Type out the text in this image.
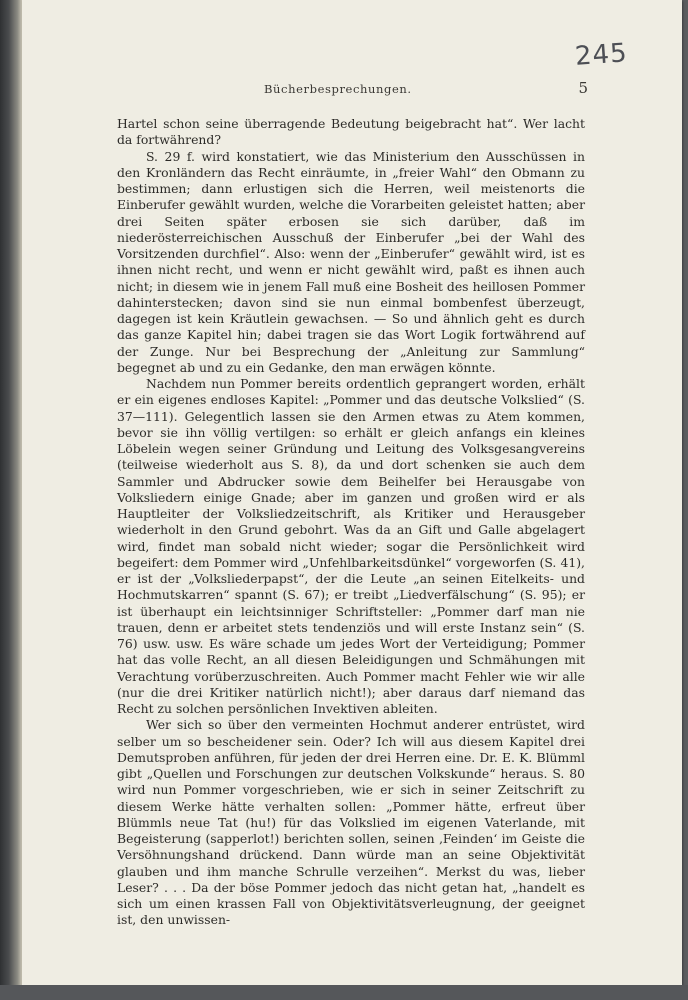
245
Bücherbesprechungen.	5

Hartel schon seine überragende Bedeutung beigebracht hat“. Wer lacht da fortwährend?

S. 29 f. wird konstatiert, wie das Ministerium den Ausschüssen in den Kronländern das Recht einräumte, in „freier Wahl“ den Obmann zu bestimmen; dann erlustigen sich die Herren, weil meistenorts die Einberufer gewählt wurden, welche die Vorarbeiten geleistet hatten; aber drei Seiten später erbosen sie sich darüber, daß im niederösterreichischen Ausschuß der Einberufer „bei der Wahl des Vorsitzenden durchfiel“. Also: wenn der „Einberufer“ gewählt wird, ist es ihnen nicht recht, und wenn er nicht gewählt wird, paßt es ihnen auch nicht; in diesem wie in jenem Fall muß eine Bosheit des heillosen Pommer dahinterstecken; davon sind sie nun einmal bombenfest überzeugt, dagegen ist kein Kräutlein gewachsen. — So und ähnlich geht es durch das ganze Kapitel hin; dabei tragen sie das Wort Logik fortwährend auf der Zunge. Nur bei Besprechung der „Anleitung zur Sammlung“ begegnet ab und zu ein Gedanke, den man erwägen könnte.

Nachdem nun Pommer bereits ordentlich geprangert worden, erhält er ein eigenes endloses Kapitel: „Pommer und das deutsche Volkslied“ (S. 37—111). Gelegentlich lassen sie den Armen etwas zu Atem kommen, bevor sie ihn völlig vertilgen: so erhält er gleich anfangs ein kleines Löbelein wegen seiner Gründung und Leitung des Volksgesangvereins (teilweise wiederholt aus S. 8), da und dort schenken sie auch dem Sammler und Abdrucker sowie dem Beihelfer bei Herausgabe von Volksliedern einige Gnade; aber im ganzen und großen wird er als Hauptleiter der Volksliedzeitschrift, als Kritiker und Herausgeber wiederholt in den Grund gebohrt. Was da an Gift und Galle abgelagert wird, findet man sobald nicht wieder; sogar die Persönlichkeit wird begeifert: dem Pommer wird „Unfehlbarkeitsdünkel“ vorgeworfen (S. 41), er ist der „Volksliederpapst“, der die Leute „an seinen Eitelkeits- und Hochmutskarren“ spannt (S. 67); er treibt „Liedverfälschung“ (S. 95); er ist überhaupt ein leichtsinniger Schriftsteller: „Pommer darf man nie trauen, denn er arbeitet stets tendenziös und will erste Instanz sein“ (S. 76) usw. usw. Es wäre schade um jedes Wort der Verteidigung; Pommer hat das volle Recht, an all diesen Beleidigungen und Schmähungen mit Verachtung vorüberzuschreiten. Auch Pommer macht Fehler wie wir alle (nur die drei Kritiker natürlich nicht!); aber daraus darf niemand das Recht zu solchen persönlichen Invektiven ableiten.

Wer sich so über den vermeinten Hochmut anderer entrüstet, wird selber um so bescheidener sein. Oder? Ich will aus diesem Kapitel drei Demutsproben anführen, für jeden der drei Herren eine. Dr. E. K. Blümml gibt „Quellen und Forschungen zur deutschen Volkskunde“ heraus. S. 80 wird nun Pommer vorgeschrieben, wie er sich in seiner Zeitschrift zu diesem Werke hätte verhalten sollen: „Pommer hätte, erfreut über Blümmls neue Tat (hu!) für das Volkslied im eigenen Vaterlande, mit Begeisterung (sapperlot!) berichten sollen, seinen ‚Feinden‘ im Geiste die Versöhnungshand drückend. Dann würde man an seine Objektivität glauben und ihm manche Schrulle verzeihen“. Merkst du was, lieber Leser? . . . Da der böse Pommer jedoch das nicht getan hat, „handelt es sich um einen krassen Fall von Objektivitätsverleugnung, der geeignet ist, den unwissen-
